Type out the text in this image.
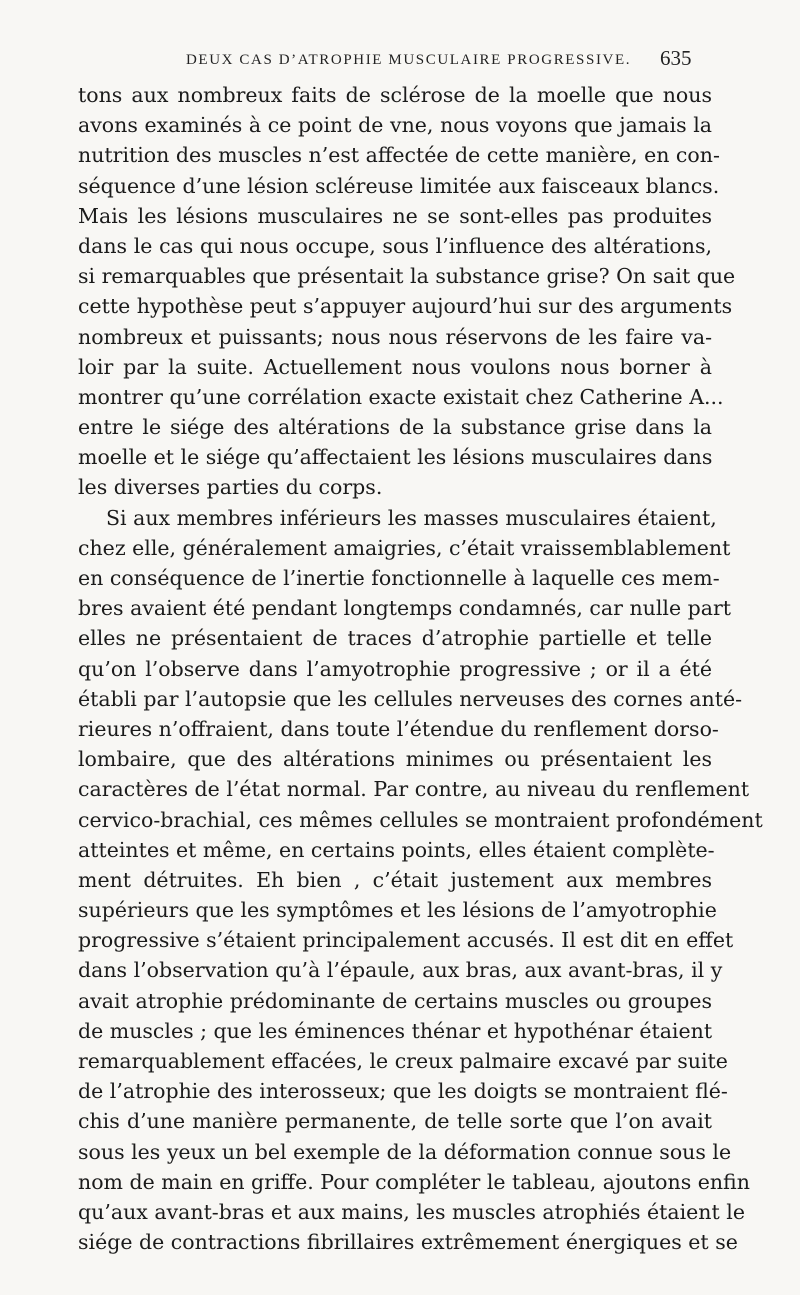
DEUX CAS D’ATROPHIE MUSCULAIRE PROGRESSIVE. 635
tons aux nombreux faits de sclérose de la moelle que nous
avons examinés à ce point de vne, nous voyons que jamais la
nutrition des muscles n’est affectée de cette manière, en con-
séquence d’une lésion scléreuse limitée aux faisceaux blancs.
Mais les lésions musculaires ne se sont-elles pas produites
dans le cas qui nous occupe, sous l’influence des altérations,
si remarquables que présentait la substance grise? On sait que
cette hypothèse peut s’appuyer aujourd’hui sur des arguments
nombreux et puissants; nous nous réservons de les faire va-
loir par la suite. Actuellement nous voulons nous borner à
montrer qu’une corrélation exacte existait chez Catherine A...
entre le siége des altérations de la substance grise dans la
moelle et le siége qu’affectaient les lésions musculaires dans
les diverses parties du corps.
Si aux membres inférieurs les masses musculaires étaient,
chez elle, généralement amaigries, c’était vraissemblablement
en conséquence de l’inertie fonctionnelle à laquelle ces mem-
bres avaient été pendant longtemps condamnés, car nulle part
elles ne présentaient de traces d’atrophie partielle et telle
qu’on l’observe dans l’amyotrophie progressive ; or il a été
établi par l’autopsie que les cellules nerveuses des cornes anté-
rieures n’offraient, dans toute l’étendue du renflement dorso-
lombaire, que des altérations minimes ou présentaient les
caractères de l’état normal. Par contre, au niveau du renflement
cervico-brachial, ces mêmes cellules se montraient profondément
atteintes et même, en certains points, elles étaient complète-
ment détruites. Eh bien , c’était justement aux membres
supérieurs que les symptômes et les lésions de l’amyotrophie
progressive s’étaient principalement accusés. Il est dit en effet
dans l’observation qu’à l’épaule, aux bras, aux avant-bras, il y
avait atrophie prédominante de certains muscles ou groupes
de muscles ; que les éminences thénar et hypothénar étaient
remarquablement effacées, le creux palmaire excavé par suite
de l’atrophie des interosseux; que les doigts se montraient flé-
chis d’une manière permanente, de telle sorte que l’on avait
sous les yeux un bel exemple de la déformation connue sous le
nom de main en griffe. Pour compléter le tableau, ajoutons enfin
qu’aux avant-bras et aux mains, les muscles atrophiés étaient le
siége de contractions fibrillaires extrêmement énergiques et se
